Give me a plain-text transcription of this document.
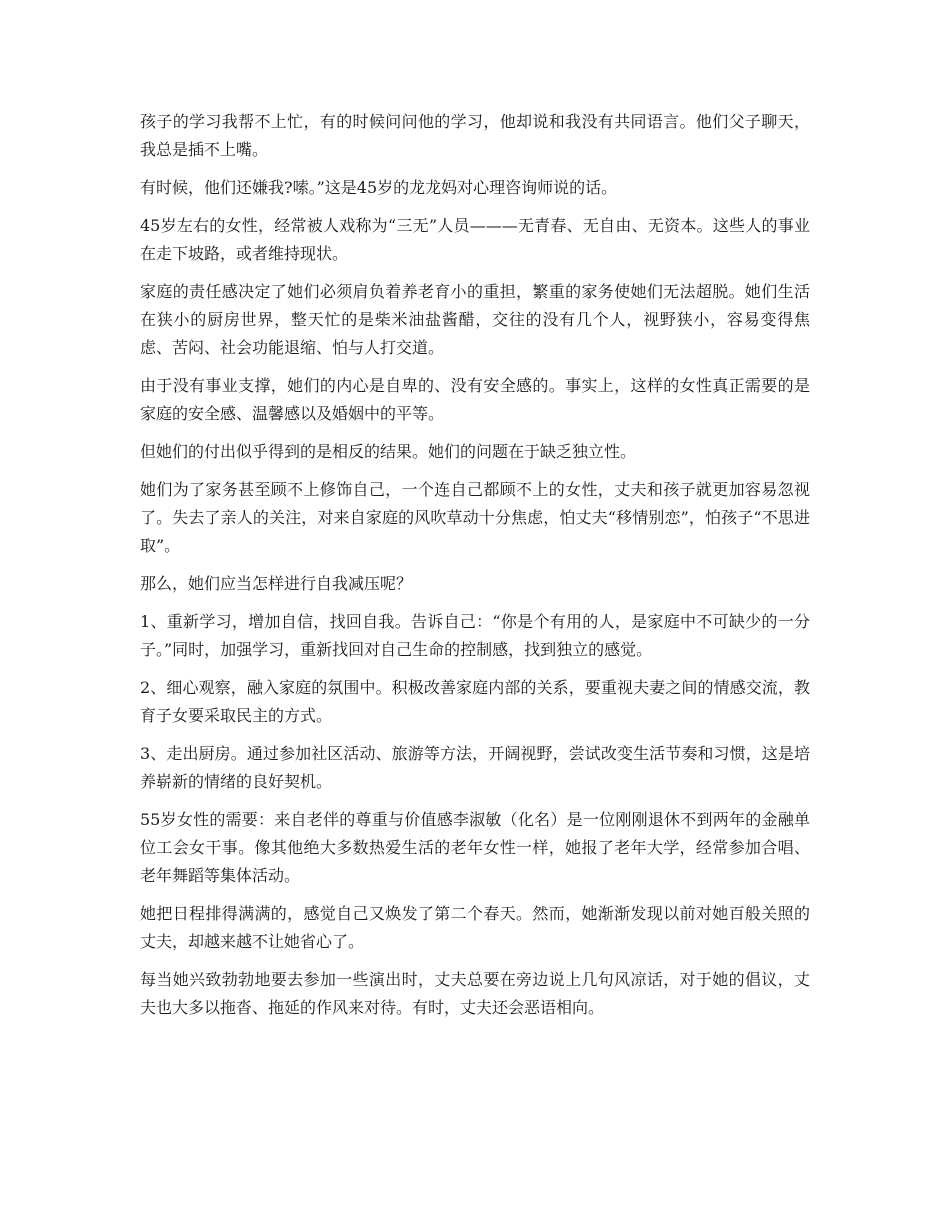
孩子的学习我帮不上忙，有的时候问问他的学习，他却说和我没有共同语言。他们父子聊天，我总是插不上嘴。

有时候，他们还嫌我?嗦。”这是45岁的龙龙妈对心理咨询师说的话。

45岁左右的女性，经常被人戏称为“三无”人员———无青春、无自由、无资本。这些人的事业在走下坡路，或者维持现状。

家庭的责任感决定了她们必须肩负着养老育小的重担，繁重的家务使她们无法超脱。她们生活在狭小的厨房世界，整天忙的是柴米油盐酱醋，交往的没有几个人，视野狭小，容易变得焦虑、苦闷、社会功能退缩、怕与人打交道。

由于没有事业支撑，她们的内心是自卑的、没有安全感的。事实上，这样的女性真正需要的是家庭的安全感、温馨感以及婚姻中的平等。

但她们的付出似乎得到的是相反的结果。她们的问题在于缺乏独立性。

她们为了家务甚至顾不上修饰自己，一个连自己都顾不上的女性，丈夫和孩子就更加容易忽视了。失去了亲人的关注，对来自家庭的风吹草动十分焦虑，怕丈夫“移情别恋”，怕孩子“不思进取”。

那么，她们应当怎样进行自我减压呢？

1、重新学习，增加自信，找回自我。告诉自己：“你是个有用的人，是家庭中不可缺少的一分子。”同时，加强学习，重新找回对自己生命的控制感，找到独立的感觉。

2、细心观察，融入家庭的氛围中。积极改善家庭内部的关系，要重视夫妻之间的情感交流，教育子女要采取民主的方式。

3、走出厨房。通过参加社区活动、旅游等方法，开阔视野，尝试改变生活节奏和习惯，这是培养崭新的情绪的良好契机。

55岁女性的需要：来自老伴的尊重与价值感李淑敏（化名）是一位刚刚退休不到两年的金融单位工会女干事。像其他绝大多数热爱生活的老年女性一样，她报了老年大学，经常参加合唱、老年舞蹈等集体活动。

她把日程排得满满的，感觉自己又焕发了第二个春天。然而，她渐渐发现以前对她百般关照的丈夫，却越来越不让她省心了。

每当她兴致勃勃地要去参加一些演出时，丈夫总要在旁边说上几句风凉话，对于她的倡议，丈夫也大多以拖沓、拖延的作风来对待。有时，丈夫还会恶语相向。
